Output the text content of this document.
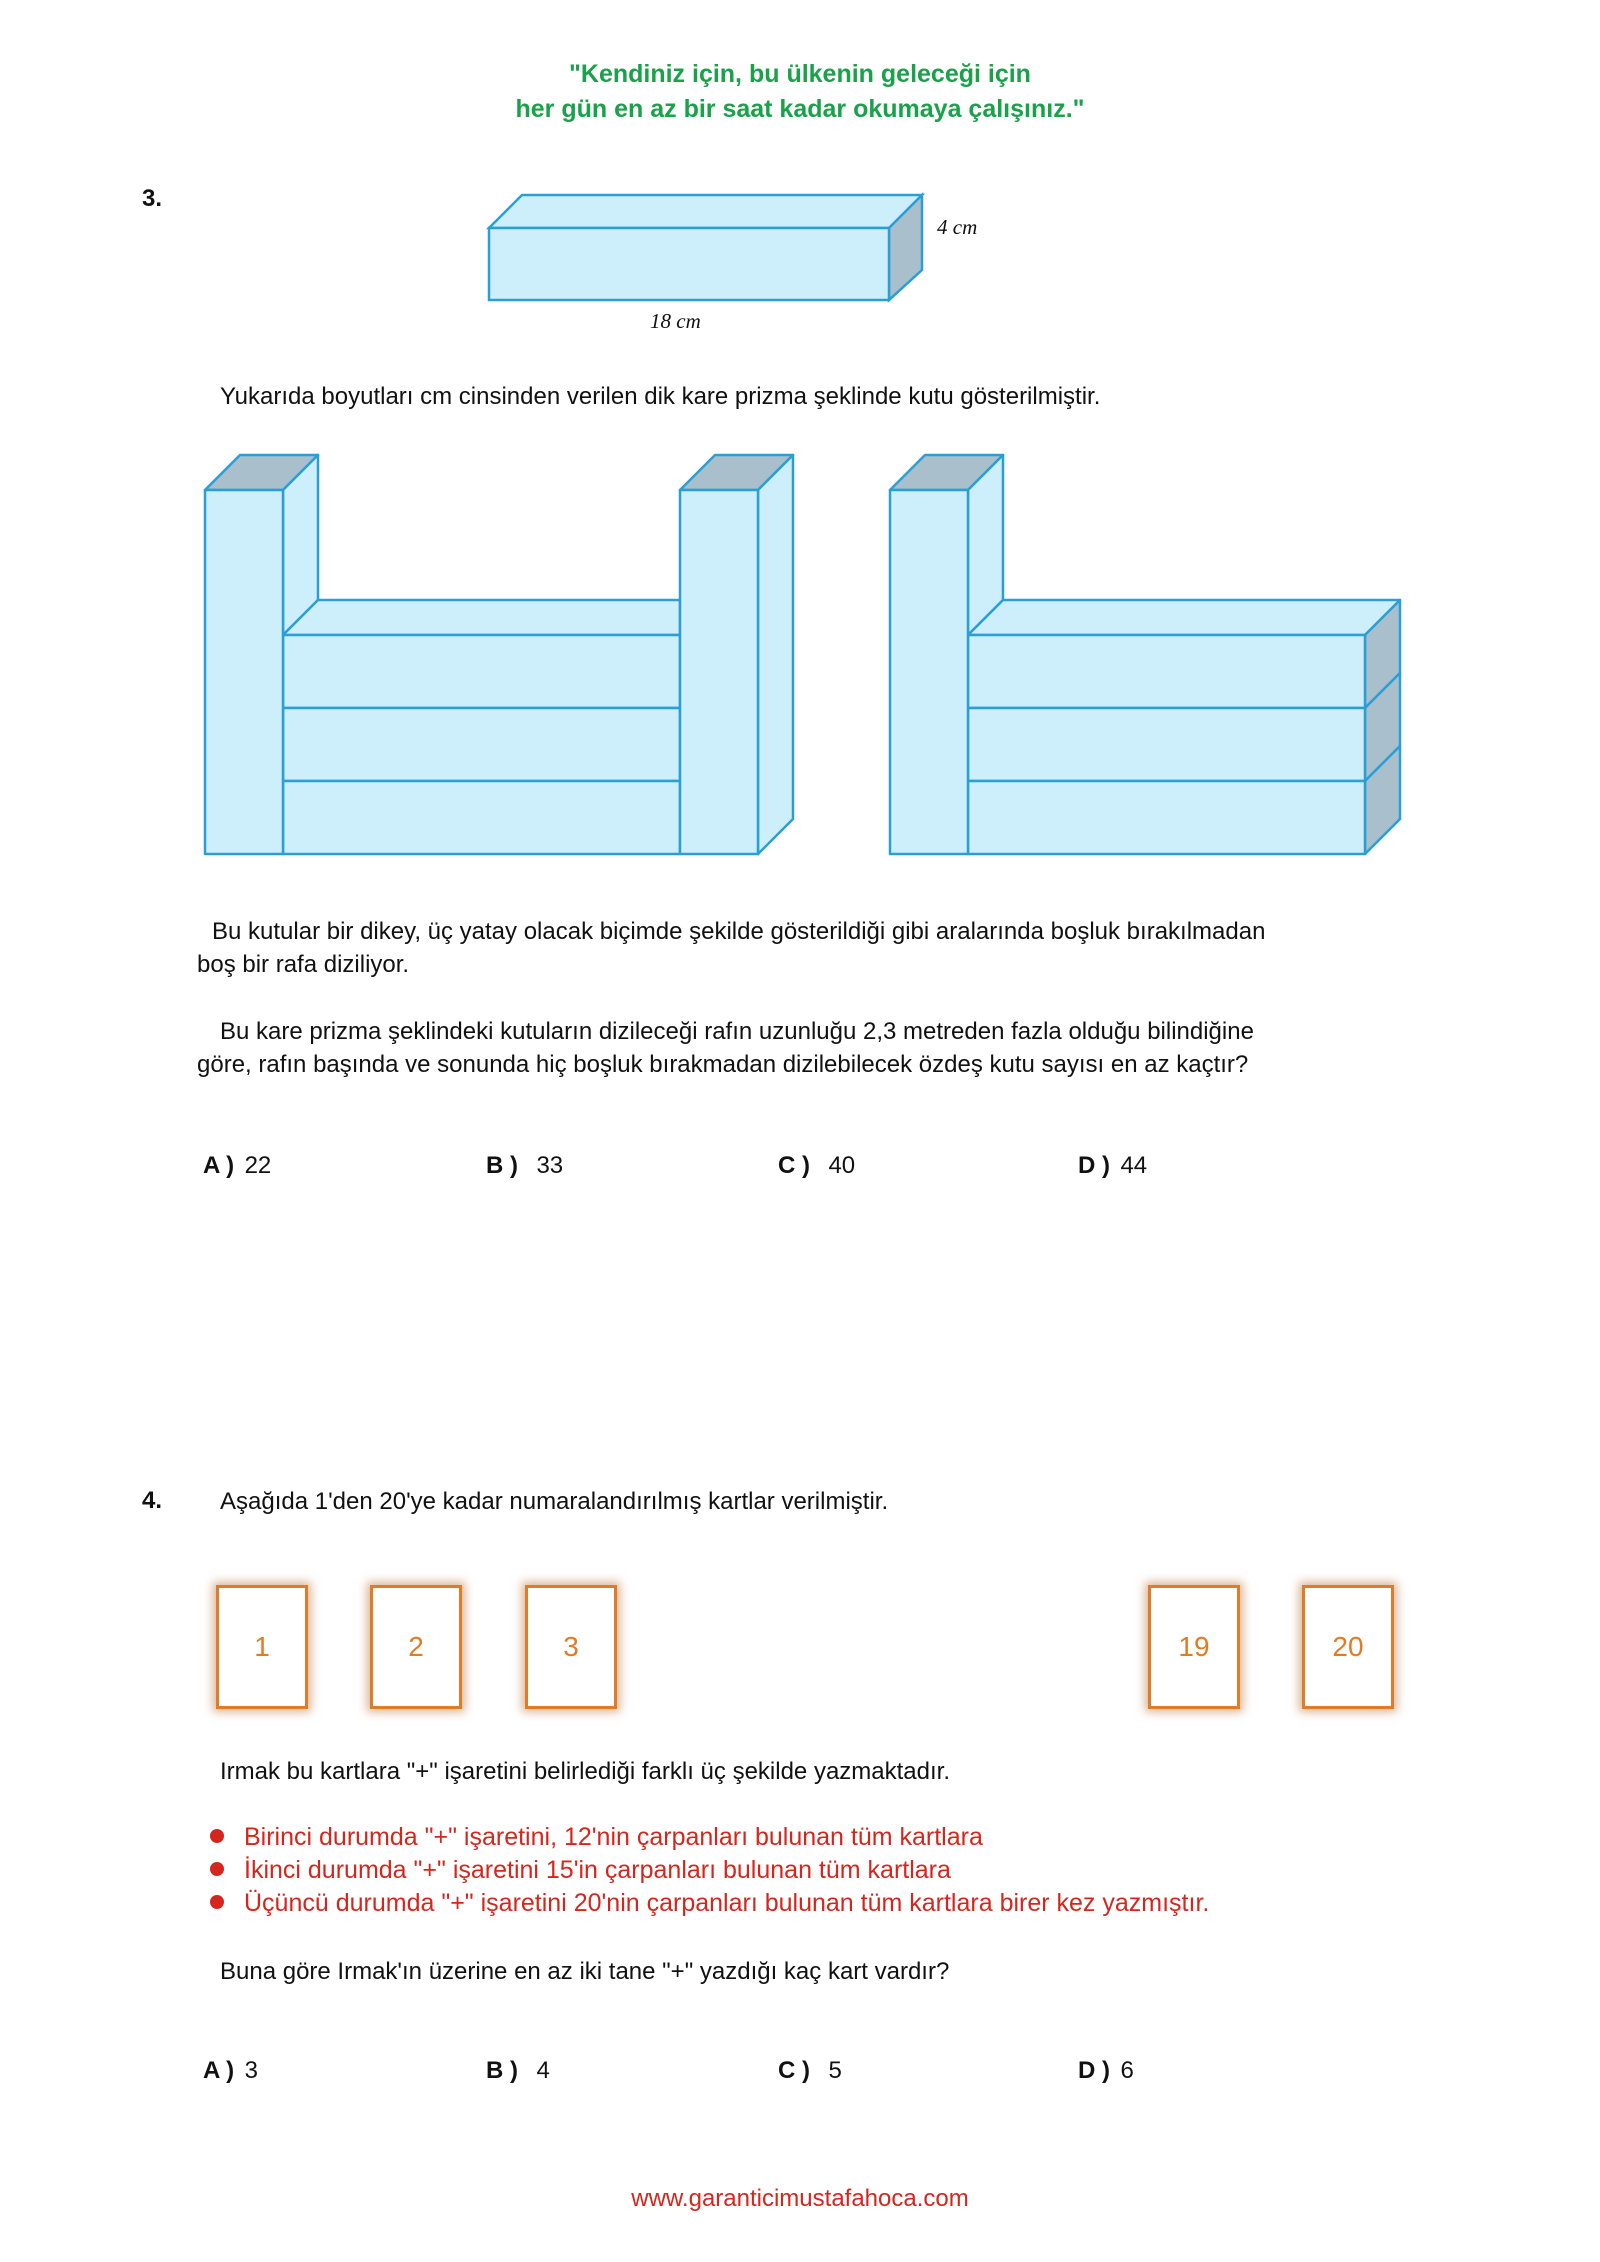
"Kendiniz için, bu ülkenin geleceği için
her gün en az bir saat kadar okumaya çalışınız."
3.
4 cm
18 cm
Yukarıda boyutları cm cinsinden verilen dik kare prizma şeklinde kutu gösterilmiştir.
Bu kutular bir dikey, üç yatay olacak biçimde şekilde gösterildiği gibi aralarında boşluk bırakılmadan
boş bir rafa diziliyor.
Bu kare prizma şeklindeki kutuların dizileceği rafın uzunluğu 2,3 metreden fazla olduğu bilindiğine
göre, rafın başında ve sonunda hiç boşluk bırakmadan dizilebilecek özdeş kutu sayısı en az kaçtır?
A ) 22	B ) 33	C ) 40	D ) 44
4. Aşağıda 1'den 20'ye kadar numaralandırılmış kartlar verilmiştir.
1	2	3	19	20
Irmak bu kartlara "+" işaretini belirlediği farklı üç şekilde yazmaktadır.
Birinci durumda "+" işaretini, 12'nin çarpanları bulunan tüm kartlara
İkinci durumda "+" işaretini 15'in çarpanları bulunan tüm kartlara
Üçüncü durumda "+" işaretini 20'nin çarpanları bulunan tüm kartlara birer kez yazmıştır.
Buna göre Irmak'ın üzerine en az iki tane "+" yazdığı kaç kart vardır?
A ) 3	B ) 4	C ) 5	D ) 6
www.garanticimustafahoca.com
